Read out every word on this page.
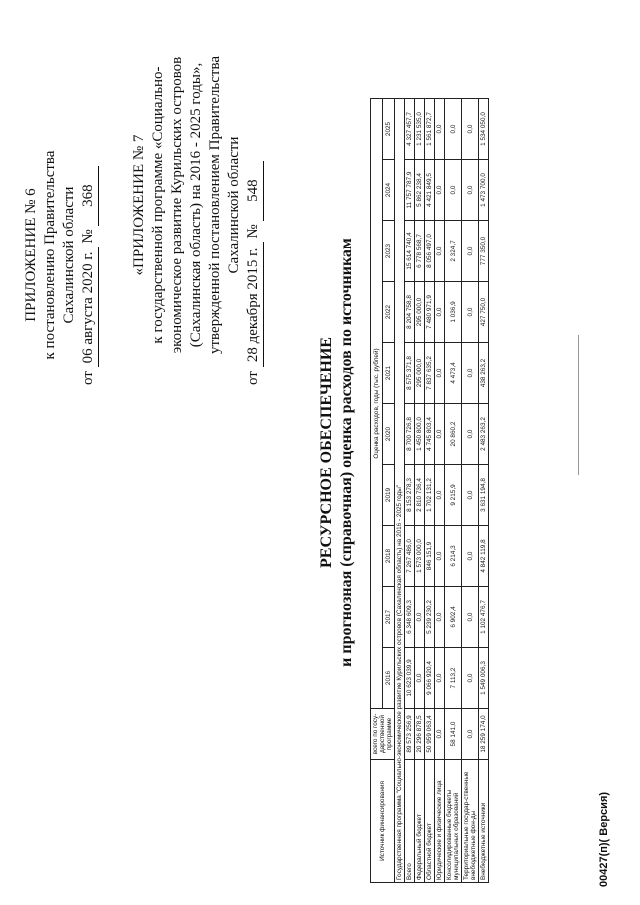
ПРИЛОЖЕНИЕ № 6 к постановлению Правительства Сахалинской области
от 06 августа 2020 г. № 368 «ПРИЛОЖЕНИЕ № 7 к государственной программе «Социально- экономическое развитие Курильских островов (Сахалинская область) на 2016 - 2025 годы», утвержденной постановлением Правительства Сахалинской области
от 28 декабря 2015 г. № 548
РЕСУРСНОЕ ОБЕСПЕЧЕНИЕ и прогнозная (справочная) оценка расходов по источникам
Источник финансирования	всего по госу-дарственной программе	Оценка расходов, годы (тыс. рублей)									
		2016	2017	2018	2019	2020	2021	2022	2023	2024	2025
Государственная программа "Социально-экономическое развитие Курильских островов (Сахалинская область) на 2016 - 2025 годы"											
Всего	89 573 256,9	10 623 039,9	6 348 609,3	7 267 486,0	8 153 278,3	8 700 726,8	8 575 371,8	8 204 758,8	15 614 740,4	11 757 787,9	4 327 457,7
Федеральный бюджет	20 296 878,5	0,0	0,0	1 573 000,0	2 810 736,4	1 450 800,0	295 000,0	295 000,0	6 778 568,7	5 862 238,4	1 231 535,0
Областной бюджет	50 959 063,4	9 066 920,4	5 239 230,2	846 151,9	1 702 131,2	4 745 803,4	7 837 635,2	7 480 971,9	8 056 497,0	4 421 849,5	1 561 872,7
Юридические и физические лица	0,0	0,0	0,0	0,0	0,0	0,0	0,0	0,0	0,0	0,0	0,0
Консолидированные бюджеты муниципальных образований	58 141,0	7 113,2	6 902,4	6 214,3	9 215,9	20 860,2	4 473,4	1 036,9	2 324,7	0,0	0,0
Территориальные государ-ственные внебюджетные фон-ды	0,0	0,0	0,0	0,0	0,0	0,0	0,0	0,0	0,0	0,0	0,0
Внебюджетные источники	18 259 174,0	1 549 006,3	1 102 476,7	4 842 119,8	3 631 194,8	2 483 263,2	438 263,2	427 750,0	777 350,0	1 473 700,0	1 534 050,0
00427(п)( Версия)
